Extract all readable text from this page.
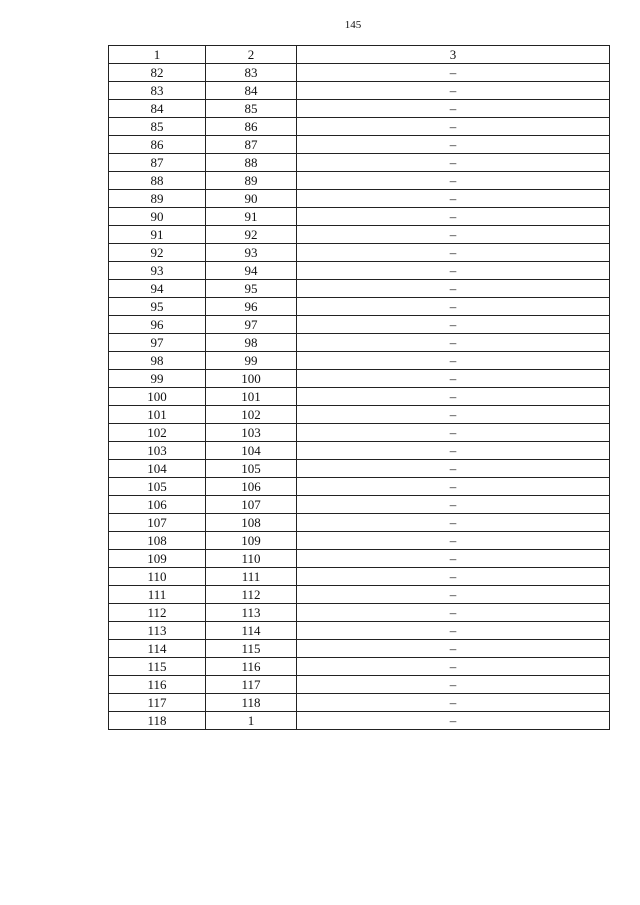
145
1	2	3
82	83	–
83	84	–
84	85	–
85	86	–
86	87	–
87	88	–
88	89	–
89	90	–
90	91	–
91	92	–
92	93	–
93	94	–
94	95	–
95	96	–
96	97	–
97	98	–
98	99	–
99	100	–
100	101	–
101	102	–
102	103	–
103	104	–
104	105	–
105	106	–
106	107	–
107	108	–
108	109	–
109	110	–
110	111	–
111	112	–
112	113	–
113	114	–
114	115	–
115	116	–
116	117	–
117	118	–
118	1	–
